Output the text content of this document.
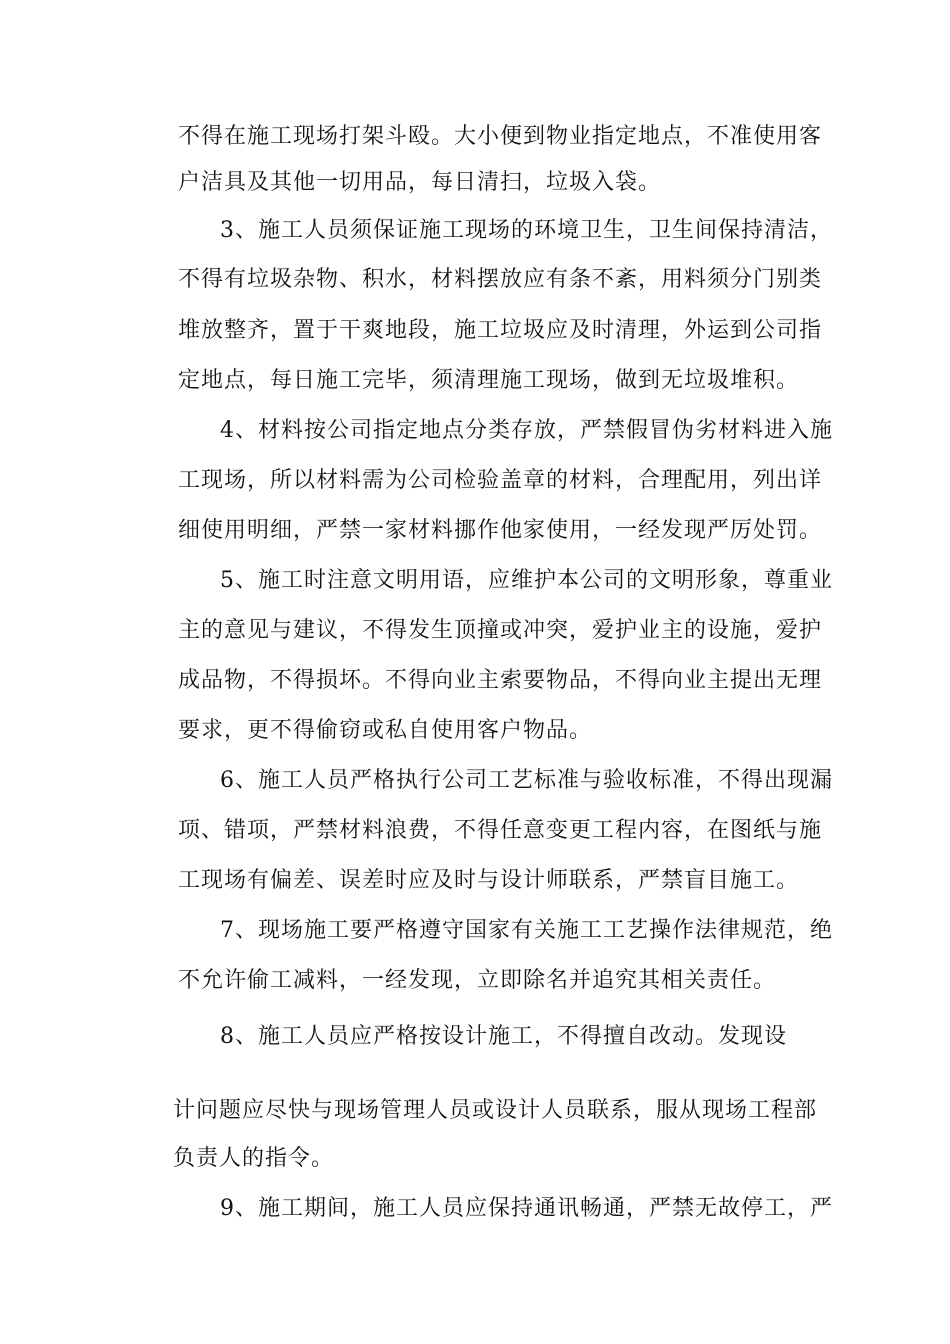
不得在施工现场打架斗殴。大小便到物业指定地点，不准使用客
户洁具及其他一切用品，每日清扫，垃圾入袋。
3、施工人员须保证施工现场的环境卫生，卫生间保持清洁，
不得有垃圾杂物、积水，材料摆放应有条不紊，用料须分门别类
堆放整齐，置于干爽地段，施工垃圾应及时清理，外运到公司指
定地点，每日施工完毕，须清理施工现场，做到无垃圾堆积。
4、材料按公司指定地点分类存放，严禁假冒伪劣材料进入施
工现场，所以材料需为公司检验盖章的材料，合理配用，列出详
细使用明细，严禁一家材料挪作他家使用，一经发现严厉处罚。
5、施工时注意文明用语，应维护本公司的文明形象，尊重业
主的意见与建议，不得发生顶撞或冲突，爱护业主的设施，爱护
成品物，不得损坏。不得向业主索要物品，不得向业主提出无理
要求，更不得偷窃或私自使用客户物品。
6、施工人员严格执行公司工艺标准与验收标准，不得出现漏
项、错项，严禁材料浪费，不得任意变更工程内容，在图纸与施
工现场有偏差、误差时应及时与设计师联系，严禁盲目施工。
7、现场施工要严格遵守国家有关施工工艺操作法律规范，绝
不允许偷工减料，一经发现，立即除名并追究其相关责任。
8、施工人员应严格按设计施工，不得擅自改动。发现设
计问题应尽快与现场管理人员或设计人员联系，服从现场工程部
负责人的指令。
9、施工期间，施工人员应保持通讯畅通，严禁无故停工，严
